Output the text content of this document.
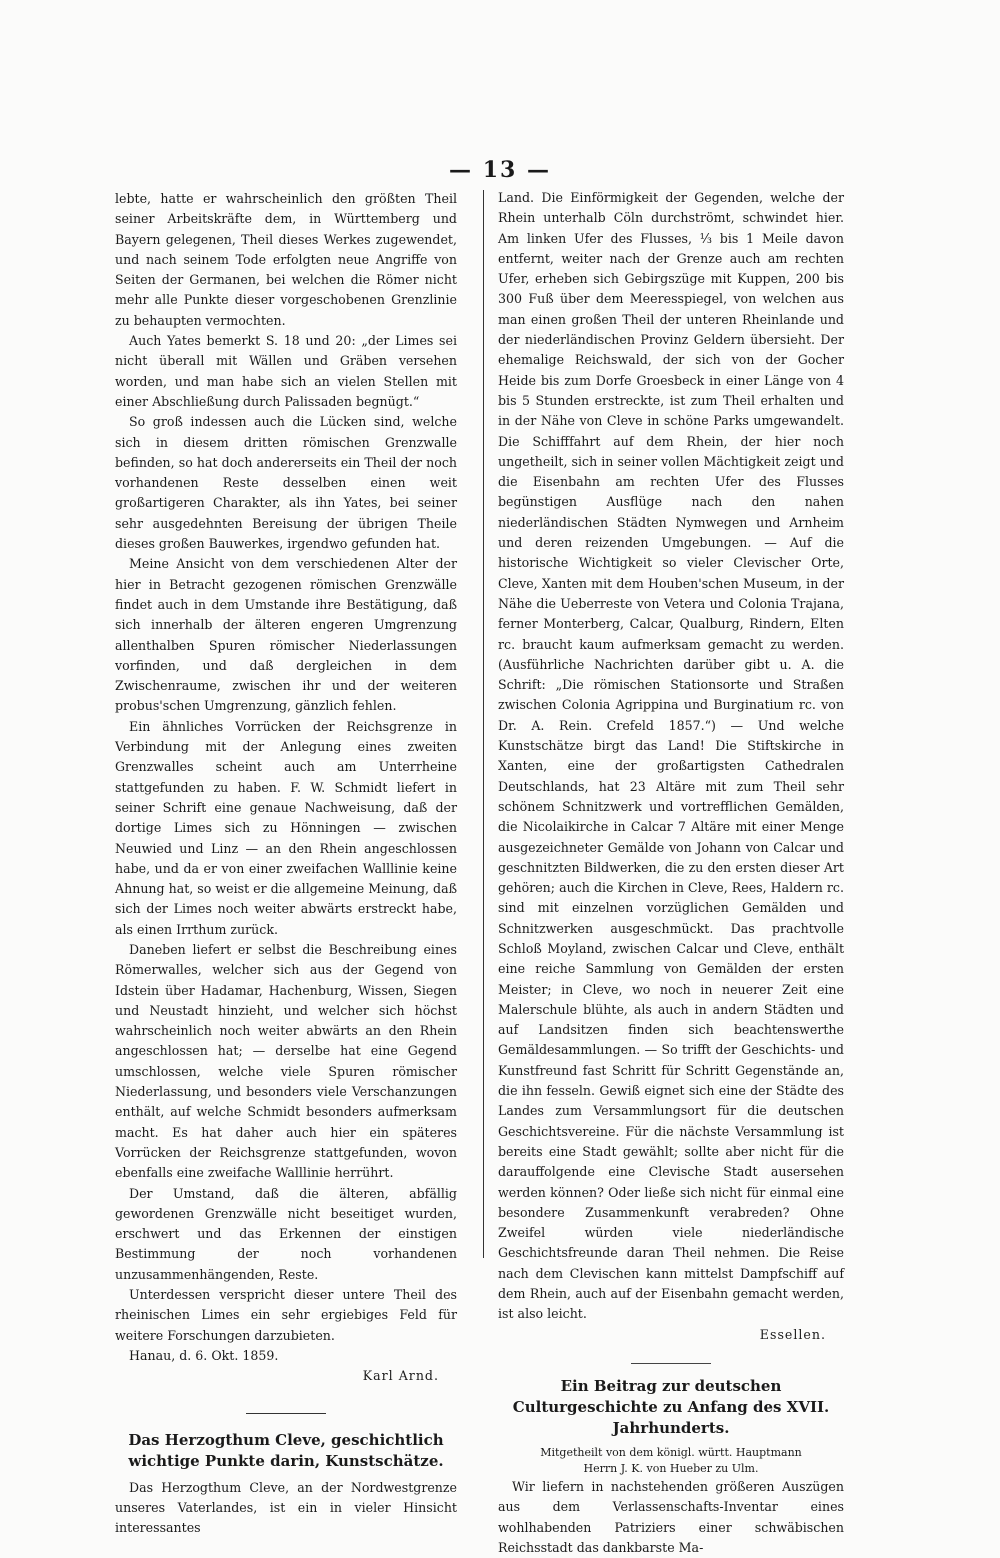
— 13 —

lebte, hatte er wahrscheinlich den größten Theil seiner Arbeitskräfte dem, in Württemberg und Bayern gelegenen, Theil dieses Werkes zugewendet, und nach seinem Tode erfolgten neue Angriffe von Seiten der Germanen, bei welchen die Römer nicht mehr alle Punkte dieser vorgeschobenen Grenzlinie zu behaupten vermochten.

Auch Yates bemerkt S. 18 und 20: „der Limes sei nicht überall mit Wällen und Gräben versehen worden, und man habe sich an vielen Stellen mit einer Abschließung durch Palissaden begnügt.“

So groß indessen auch die Lücken sind, welche sich in diesem dritten römischen Grenzwalle befinden, so hat doch andererseits ein Theil der noch vorhandenen Reste desselben einen weit großartigeren Charakter, als ihn Yates, bei seiner sehr ausgedehnten Bereisung der übrigen Theile dieses großen Bauwerkes, irgendwo gefunden hat.

Meine Ansicht von dem verschiedenen Alter der hier in Betracht gezogenen römischen Grenzwälle findet auch in dem Umstande ihre Bestätigung, daß sich innerhalb der älteren engeren Umgrenzung allenthalben Spuren römischer Niederlassungen vorfinden, und daß dergleichen in dem Zwischenraume, zwischen ihr und der weiteren probus'schen Umgrenzung, gänzlich fehlen.

Ein ähnliches Vorrücken der Reichsgrenze in Verbindung mit der Anlegung eines zweiten Grenzwalles scheint auch am Unterrheine stattgefunden zu haben. F. W. Schmidt liefert in seiner Schrift eine genaue Nachweisung, daß der dortige Limes sich zu Hönningen — zwischen Neuwied und Linz — an den Rhein angeschlossen habe, und da er von einer zweifachen Walllinie keine Ahnung hat, so weist er die allgemeine Meinung, daß sich der Limes noch weiter abwärts erstreckt habe, als einen Irrthum zurück.

Daneben liefert er selbst die Beschreibung eines Römerwalles, welcher sich aus der Gegend von Idstein über Hadamar, Hachenburg, Wissen, Siegen und Neustadt hinzieht, und welcher sich höchst wahrscheinlich noch weiter abwärts an den Rhein angeschlossen hat; — derselbe hat eine Gegend umschlossen, welche viele Spuren römischer Niederlassung, und besonders viele Verschanzungen enthält, auf welche Schmidt besonders aufmerksam macht. Es hat daher auch hier ein späteres Vorrücken der Reichsgrenze stattgefunden, wovon ebenfalls eine zweifache Walllinie herrührt.

Der Umstand, daß die älteren, abfällig gewordenen Grenzwälle nicht beseitiget wurden, erschwert und das Erkennen der einstigen Bestimmung der noch vorhandenen unzusammenhängenden, Reste.

Unterdessen verspricht dieser untere Theil des rheinischen Limes ein sehr ergiebiges Feld für weitere Forschungen darzubieten.

Hanau, d. 6. Okt. 1859.

Karl Arnd.

Das Herzogthum Cleve, geschichtlich wichtige Punkte darin, Kunstschätze.

Das Herzogthum Cleve, an der Nordwestgrenze unseres Vaterlandes, ist ein in vieler Hinsicht interessantes

Land. Die Einförmigkeit der Gegenden, welche der Rhein unterhalb Cöln durchströmt, schwindet hier. Am linken Ufer des Flusses, ⅓ bis 1 Meile davon entfernt, weiter nach der Grenze auch am rechten Ufer, erheben sich Gebirgszüge mit Kuppen, 200 bis 300 Fuß über dem Meeresspiegel, von welchen aus man einen großen Theil der unteren Rheinlande und der niederländischen Provinz Geldern übersieht. Der ehemalige Reichswald, der sich von der Gocher Heide bis zum Dorfe Groesbeck in einer Länge von 4 bis 5 Stunden erstreckte, ist zum Theil erhalten und in der Nähe von Cleve in schöne Parks umgewandelt. Die Schifffahrt auf dem Rhein, der hier noch ungetheilt, sich in seiner vollen Mächtigkeit zeigt und die Eisenbahn am rechten Ufer des Flusses begünstigen Ausflüge nach den nahen niederländischen Städten Nymwegen und Arnheim und deren reizenden Umgebungen. — Auf die historische Wichtigkeit so vieler Clevischer Orte, Cleve, Xanten mit dem Houben'schen Museum, in der Nähe die Ueberreste von Vetera und Colonia Trajana, ferner Monterberg, Calcar, Qualburg, Rindern, Elten rc. braucht kaum aufmerksam gemacht zu werden. (Ausführliche Nachrichten darüber gibt u. A. die Schrift: „Die römischen Stationsorte und Straßen zwischen Colonia Agrippina und Burginatium rc. von Dr. A. Rein. Crefeld 1857.“) — Und welche Kunstschätze birgt das Land! Die Stiftskirche in Xanten, eine der großartigsten Cathedralen Deutschlands, hat 23 Altäre mit zum Theil sehr schönem Schnitzwerk und vortrefflichen Gemälden, die Nicolaikirche in Calcar 7 Altäre mit einer Menge ausgezeichneter Gemälde von Johann von Calcar und geschnitzten Bildwerken, die zu den ersten dieser Art gehören; auch die Kirchen in Cleve, Rees, Haldern rc. sind mit einzelnen vorzüglichen Gemälden und Schnitzwerken ausgeschmückt. Das prachtvolle Schloß Moyland, zwischen Calcar und Cleve, enthält eine reiche Sammlung von Gemälden der ersten Meister; in Cleve, wo noch in neuerer Zeit eine Malerschule blühte, als auch in andern Städten und auf Landsitzen finden sich beachtenswerthe Gemäldesammlungen. — So trifft der Geschichts- und Kunstfreund fast Schritt für Schritt Gegenstände an, die ihn fesseln. Gewiß eignet sich eine der Städte des Landes zum Versammlungsort für die deutschen Geschichtsvereine. Für die nächste Versammlung ist bereits eine Stadt gewählt; sollte aber nicht für die darauffolgende eine Clevische Stadt ausersehen werden können? Oder ließe sich nicht für einmal eine besondere Zusammenkunft verabreden? Ohne Zweifel würden viele niederländische Geschichtsfreunde daran Theil nehmen. Die Reise nach dem Clevischen kann mittelst Dampfschiff auf dem Rhein, auch auf der Eisenbahn gemacht werden, ist also leicht.

Essellen.

Ein Beitrag zur deutschen Culturgeschichte zu Anfang des XVII. Jahrhunderts.

Mitgetheilt von dem königl. württ. Hauptmann

Herrn J. K. von Hueber zu Ulm.

Wir liefern in nachstehenden größeren Auszügen aus dem Verlassenschafts-Inventar eines wohlhabenden Patriziers einer schwäbischen Reichsstadt das dankbarste Ma-
